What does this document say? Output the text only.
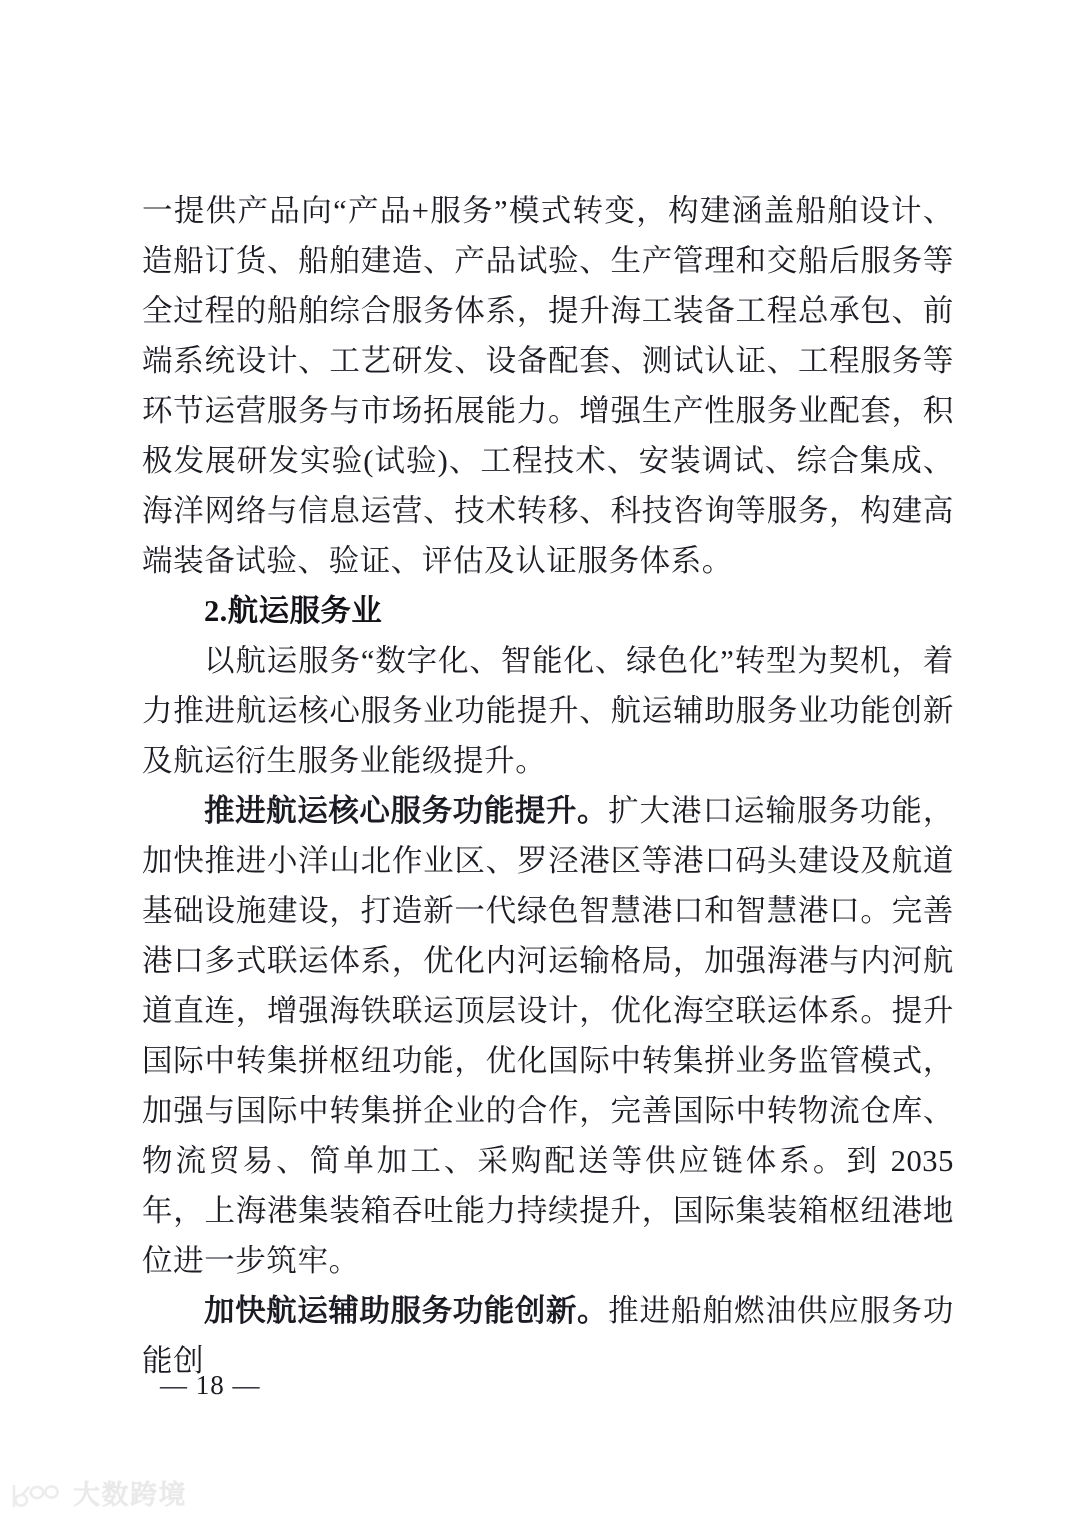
一提供产品向“产品+服务”模式转变，构建涵盖船舶设计、造船订货、船舶建造、产品试验、生产管理和交船后服务等全过程的船舶综合服务体系，提升海工装备工程总承包、前端系统设计、工艺研发、设备配套、测试认证、工程服务等环节运营服务与市场拓展能力。增强生产性服务业配套，积极发展研发实验(试验)、工程技术、安装调试、综合集成、海洋网络与信息运营、技术转移、科技咨询等服务，构建高端装备试验、验证、评估及认证服务体系。

2.航运服务业

以航运服务“数字化、智能化、绿色化”转型为契机，着力推进航运核心服务业功能提升、航运辅助服务业功能创新及航运衍生服务业能级提升。

推进航运核心服务功能提升。扩大港口运输服务功能，加快推进小洋山北作业区、罗泾港区等港口码头建设及航道基础设施建设，打造新一代绿色智慧港口和智慧港口。完善港口多式联运体系，优化内河运输格局，加强海港与内河航道直连，增强海铁联运顶层设计，优化海空联运体系。提升国际中转集拼枢纽功能，优化国际中转集拼业务监管模式，加强与国际中转集拼企业的合作，完善国际中转物流仓库、物流贸易、简单加工、采购配送等供应链体系。到 2035 年，上海港集装箱吞吐能力持续提升，国际集装箱枢纽港地位进一步筑牢。

加快航运辅助服务功能创新。推进船舶燃油供应服务功能创

— 18 —
大数跨境
